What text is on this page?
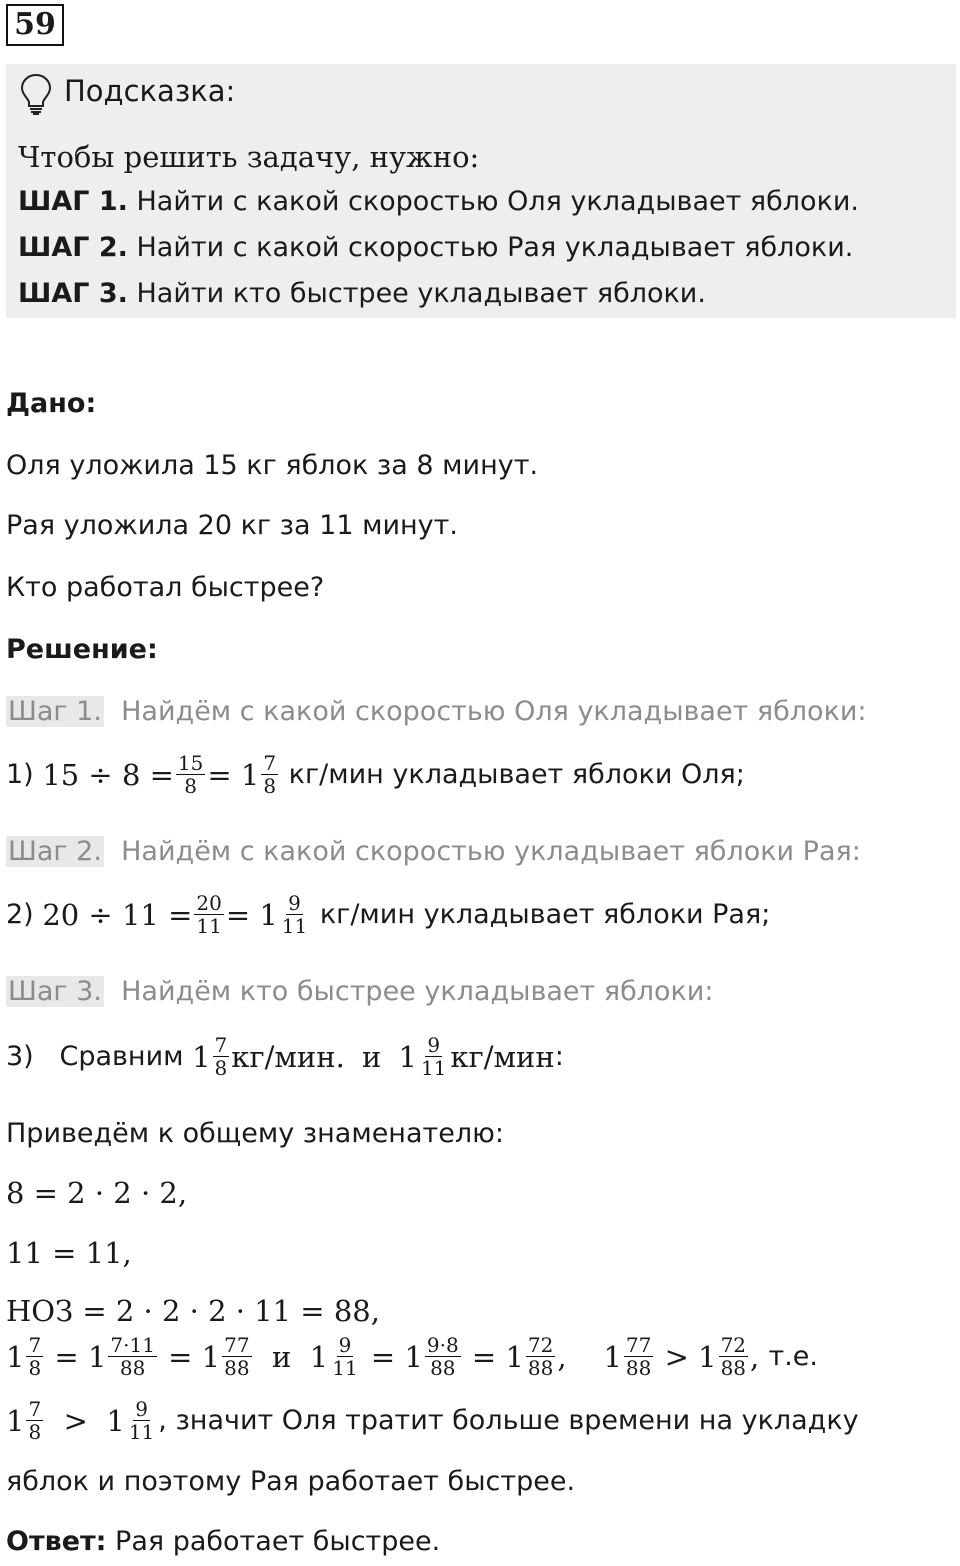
59
Подсказка:
Чтобы решить задачу, нужно:
ШАГ 1. Найти с какой скоростью Оля укладывает яблоки.
ШАГ 2. Найти с какой скоростью Рая укладывает яблоки.
ШАГ 3. Найти кто быстрее укладывает яблоки.
Дано:
Оля уложила 15 кг яблок за 8 минут.
Рая уложила 20 кг за 11 минут.
Кто работал быстрее?
Решение:
Шаг 1. Найдём с какой скоростью Оля укладывает яблоки:
1)
$15 \div 8 = \frac{15}{8} = 1 \frac{7}{8}$
кг/мин укладывает яблоки Оля;
Шаг 2. Найдём с какой скоростью укладывает яблоки Рая:
2)
$20 \div 11 = \frac{20}{11} = 1 \frac{9}{11}$
кг/мин укладывает яблоки Рая;
Шаг 3. Найдём кто быстрее укладывает яблоки:
3)
Сравним
$1 \frac{7}{8} кг/мин$.
и
$1 \frac{9}{11} кг/мин$ :
Приведём к общему знаменателю:
8 = 2 · 2 · 2,
11 = 11,
НОЗ = 2 · 2 · 2 · 11 = 88,
$1 \frac{7}{8} = 1 \frac{7\cdot 11}{88} = 1 \frac{77}{88}$
и
$1 \frac{9}{11} = 1 \frac{9\cdot 8}{88} = 1 \frac{72}{88}$ , $1 \frac{77}{88}$
>
$1 \frac{72}{88}$ , т.е.
$1 \frac{7}{8}$
>
$1 \frac{9}{11}$ , значит Оля тратит больше времени на укладку
яблок и поэтому Рая работает быстрее.
Ответ: Рая работает быстрее.
